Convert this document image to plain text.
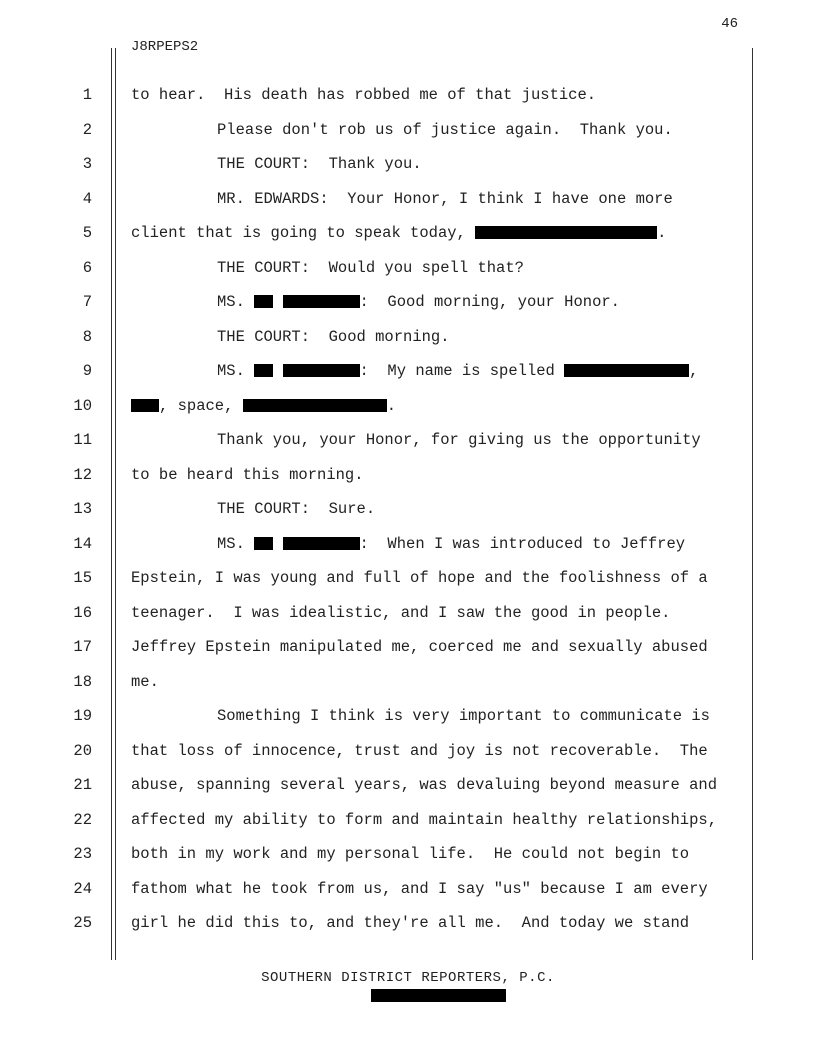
46
J8RPEPS2
1	to hear.  His death has robbed me of that justice.
2	Please don't rob us of justice again.  Thank you.
3	THE COURT:  Thank you.
4	MR. EDWARDS:  Your Honor, I think I have one more
5	client that is going to speak today,	.
6	THE COURT:  Would you spell that?
7	MS.	:  Good morning, your Honor.
8	THE COURT:  Good morning.
9	MS.	:  My name is spelled	,
10	, space,	.
11	Thank you, your Honor, for giving us the opportunity
12	to be heard this morning.
13	THE COURT:  Sure.
14	MS.	:  When I was introduced to Jeffrey
15	Epstein, I was young and full of hope and the foolishness of a
16	teenager.  I was idealistic, and I saw the good in people.
17	Jeffrey Epstein manipulated me, coerced me and sexually abused
18	me.
19	Something I think is very important to communicate is
20	that loss of innocence, trust and joy is not recoverable.  The
21	abuse, spanning several years, was devaluing beyond measure and
22	affected my ability to form and maintain healthy relationships,
23	both in my work and my personal life.  He could not begin to
24	fathom what he took from us, and I say "us" because I am every
25	girl he did this to, and they're all me.  And today we stand
SOUTHERN DISTRICT REPORTERS, P.C.
